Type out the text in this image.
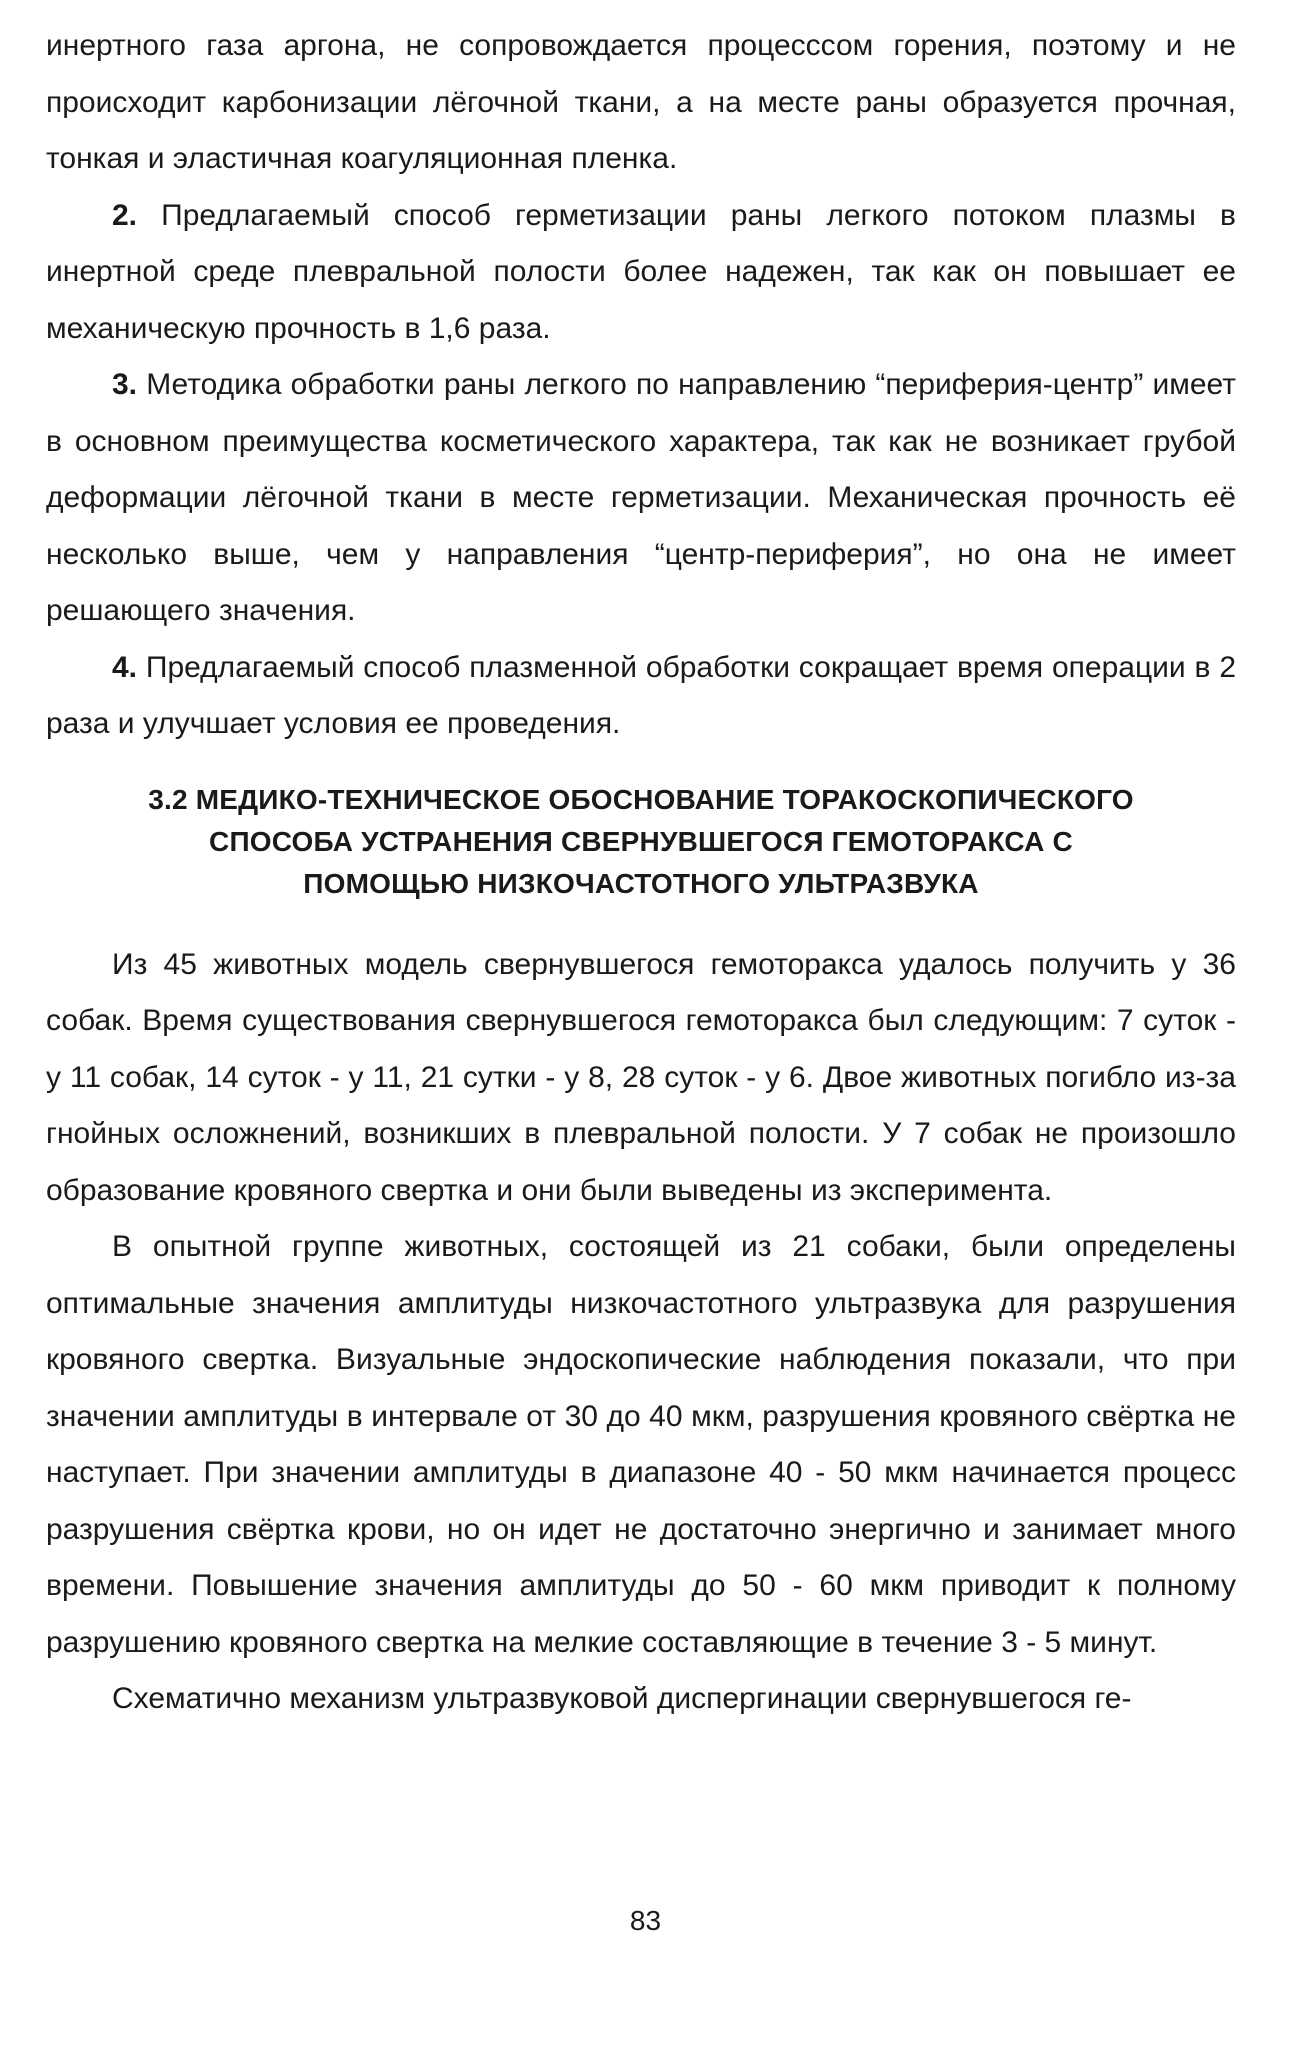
инертного газа аргона, не сопровождается процесссом горения, поэтому и не происходит карбонизации лёгочной ткани, а на месте раны образуется прочная, тонкая и эластичная коагуляционная пленка.

2. Предлагаемый способ герметизации раны легкого потоком плазмы в инертной среде плевральной полости более надежен, так как он повышает ее механическую прочность в 1,6 раза.

3. Методика обработки раны легкого по направлению “периферия-центр” имеет в основном преимущества косметического характера, так как не возникает грубой деформации лёгочной ткани в месте герметизации. Механическая прочность её несколько выше, чем у направления “центр-периферия”, но она не имеет решающего значения.

4. Предлагаемый способ плазменной обработки сокращает время операции в 2 раза и улучшает условия ее проведения.

3.2 МЕДИКО-ТЕХНИЧЕСКОЕ ОБОСНОВАНИЕ ТОРАКОСКОПИЧЕСКОГО

СПОСОБА УСТРАНЕНИЯ СВЕРНУВШЕГОСЯ ГЕМОТОРАКСА С

ПОМОЩЬЮ НИЗКОЧАСТОТНОГО УЛЬТРАЗВУКА

Из 45 животных модель свернувшегося гемоторакса удалось получить у 36 собак. Время существования свернувшегося гемоторакса был следующим: 7 суток - у 11 собак, 14 суток - у 11, 21 сутки - у 8, 28 суток - у 6. Двое животных погибло из-за гнойных осложнений, возникших в плевральной полости. У 7 собак не произошло образование кровяного свертка и они были выведены из эксперимента.

В опытной группе животных, состоящей из 21 собаки, были определены оптимальные значения амплитуды низкочастотного ультразвука для разрушения кровяного свертка. Визуальные эндоскопические наблюдения показали, что при значении амплитуды в интервале от 30 до 40 мкм, разрушения кровяного свёртка не наступает. При значении амплитуды в диапазоне 40 - 50 мкм начинается процесс разрушения свёртка крови, но он идет не достаточно энергично и занимает много времени. Повышение значения амплитуды до 50 - 60 мкм приводит к полному разрушению кровяного свертка на мелкие составляющие в течение 3 - 5 минут.

Схематично механизм ультразвуковой диспергинации свернувшегося ге-

83
